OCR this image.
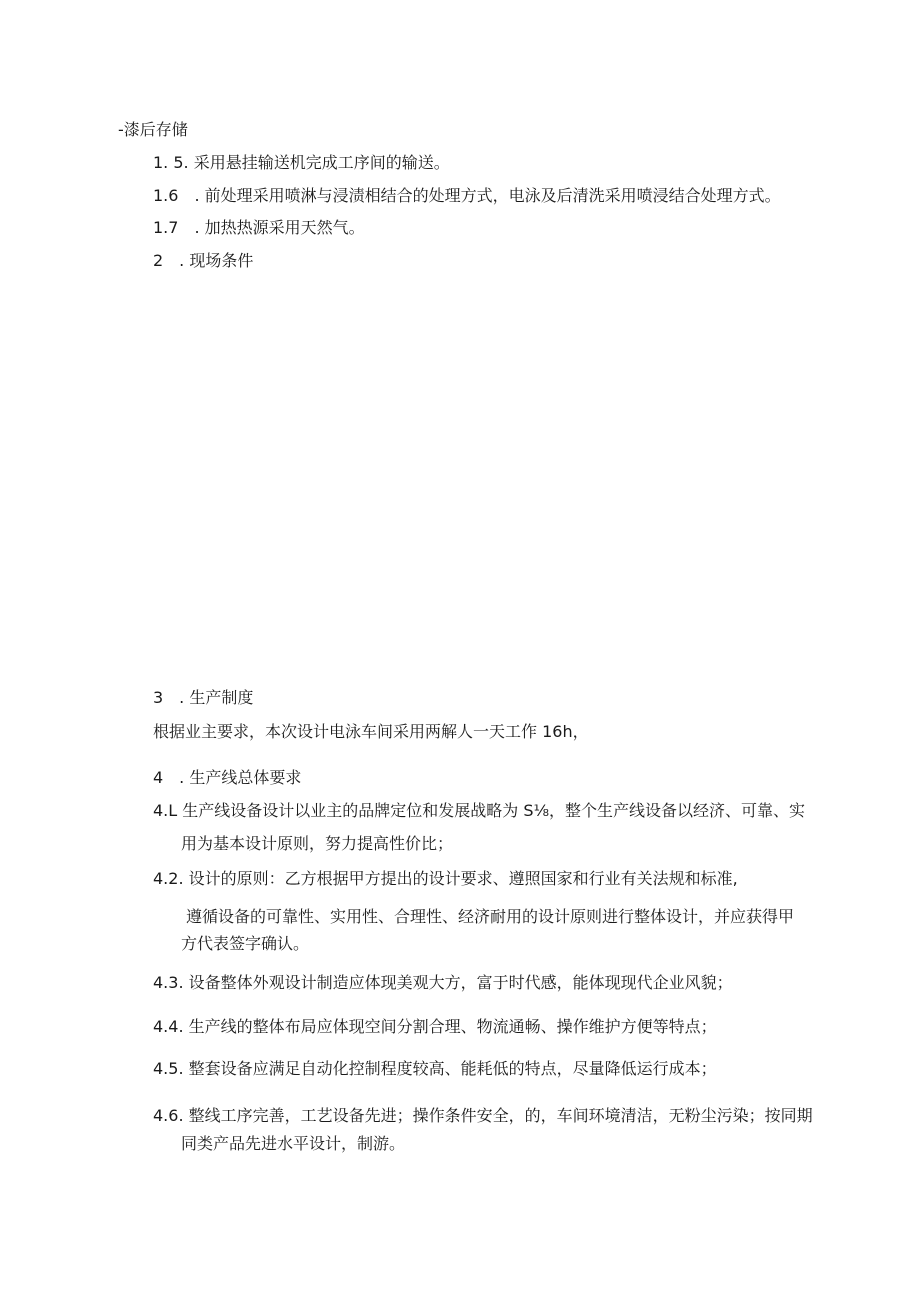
-漆后存储
1. 5. 采用悬挂输送机完成工序间的输送。
1.6　. 前处理采用喷淋与浸渍相结合的处理方式，电泳及后清洗采用喷浸结合处理方式。
1.7　. 加热热源采用天然气。
2　. 现场条件
3　. 生产制度
根据业主要求，本次设计电泳车间采用两解人一天工作 16h，
4　. 生产线总体要求
4.L 生产线设备设计以业主的品牌定位和发展战略为 S⅛，整个生产线设备以经济、可靠、实
用为基本设计原则，努力提高性价比；
4.2. 设计的原则：乙方根据甲方提出的设计要求、遵照国家和行业有关法规和标准,
遵循设备的可靠性、实用性、合理性、经济耐用的设计原则进行整体设计，并应获得甲
方代表签字确认。
4.3. 设备整体外观设计制造应体现美观大方，富于时代感，能体现现代企业风貌；
4.4. 生产线的整体布局应体现空间分割合理、物流通畅、操作维护方便等特点；
4.5. 整套设备应满足自动化控制程度较高、能耗低的特点，尽量降低运行成本；
4.6. 整线工序完善，工艺设备先进；操作条件安全，的，车间环境清洁，无粉尘污染；按同期
同类产品先进水平设计，制游。
